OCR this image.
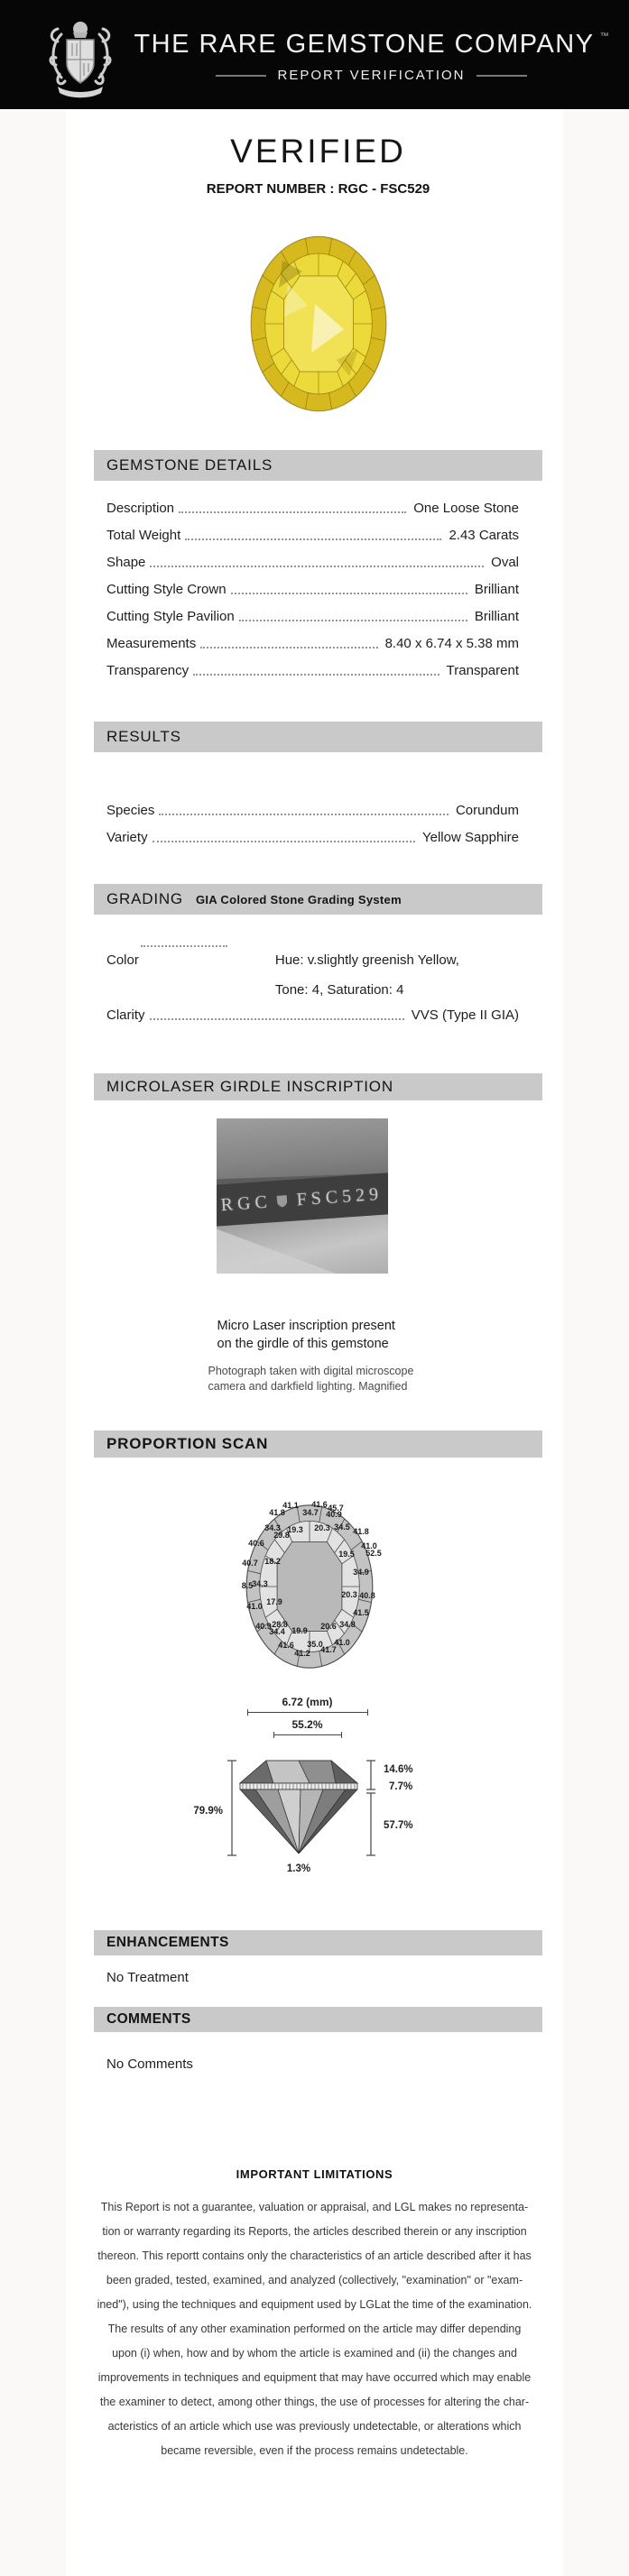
THE RARE GEMSTONE COMPANY ™
REPORT VERIFICATION
VERIFIED
REPORT NUMBER : RGC - FSC529
GEMSTONE DETAILS
Description	One Loose Stone
Total Weight	2.43 Carats
Shape	Oval
Cutting Style Crown	Brilliant
Cutting Style Pavilion	Brilliant
Measurements	8.40 x 6.74 x 5.38 mm
Transparency	Transparent
RESULTS
Species	Corundum
Variety	Yellow Sapphire
GRADING GIA Colored Stone Grading System
Color	Hue: v.slightly greenish Yellow,
Tone: 4, Saturation: 4
Clarity	VVS (Type II GIA)
MICROLASER GIRDLE INSCRIPTION
RGC FSC529
Micro Laser inscription present
on the girdle of this gemstone
Photograph taken with digital microscope
camera and darkfield lighting. Magnified
PROPORTION SCAN
41.1 41.6 45.7
41.8 34.7 40.9
34.3
29.8
19.3 20.3 34.5 41.8
40.6	41.0
52.5
19.5
18.2
40.7
34.9
8.5
34.3
20.3 40.8
17.9
41.0
41.5
40.9 28.8
34.4 19.9 20.6 34.8
41.6 35.0 41.0
41.2 41.7
6.72 (mm)
55.2%
79.9%
14.6%
7.7%
57.7%
1.3%
ENHANCEMENTS
No Treatment
COMMENTS
No Comments
IMPORTANT LIMITATIONS
This Report is not a guarantee, valuation or appraisal, and LGL makes no representa-
tion or warranty regarding its Reports, the articles described therein or any inscription
thereon. This reportt contains only the characteristics of an article described after it has
been graded, tested, examined, and analyzed (collectively, "examination" or "exam-
ined"), using the techniques and equipment used by LGLat the time of the examination.
The results of any other examination performed on the article may differ depending
upon (i) when, how and by whom the article is examined and (ii) the changes and
improvements in techniques and equipment that may have occurred which may enable
the examiner to detect, among other things, the use of processes for altering the char-
acteristics of an article which use was previously undetectable, or alterations which
became reversible, even if the process remains undetectable.
